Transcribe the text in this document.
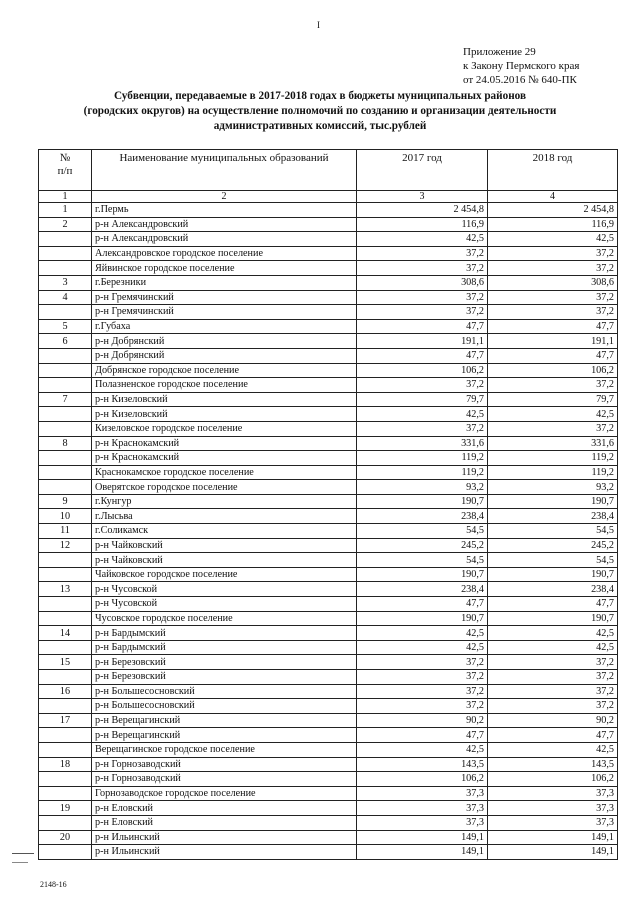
I
Приложение 29
к Закону Пермского края
от 24.05.2016 № 640-ПК
Субвенции, передаваемые в 2017-2018 годах в бюджеты муниципальных районов
(городских округов) на осуществление полномочий по созданию и организации деятельности
административных комиссий, тыс.рублей
№
п/п	Наименование муниципальных образований	2017 год	2018 год
1	2	3	4
1	г.Пермь	2 454,8	2 454,8
2	р-н Александровский	116,9	116,9
	р-н Александровский	42,5	42,5
	Александровское городское поселение	37,2	37,2
	Яйвинское городское поселение	37,2	37,2
3	г.Березники	308,6	308,6
4	р-н Гремячинский	37,2	37,2
	р-н Гремячинский	37,2	37,2
5	г.Губаха	47,7	47,7
6	р-н Добрянский	191,1	191,1
	р-н Добрянский	47,7	47,7
	Добрянское городское поселение	106,2	106,2
	Полазненское городское поселение	37,2	37,2
7	р-н Кизеловский	79,7	79,7
	р-н Кизеловский	42,5	42,5
	Кизеловское городское поселение	37,2	37,2
8	р-н Краснокамский	331,6	331,6
	р-н Краснокамский	119,2	119,2
	Краснокамское городское поселение	119,2	119,2
	Оверятское городское поселение	93,2	93,2
9	г.Кунгур	190,7	190,7
10	г.Лысьва	238,4	238,4
11	г.Соликамск	54,5	54,5
12	р-н Чайковский	245,2	245,2
	р-н Чайковский	54,5	54,5
	Чайковское городское поселение	190,7	190,7
13	р-н Чусовской	238,4	238,4
	р-н Чусовской	47,7	47,7
	Чусовское городское поселение	190,7	190,7
14	р-н Бардымский	42,5	42,5
	р-н Бардымский	42,5	42,5
15	р-н Березовский	37,2	37,2
	р-н Березовский	37,2	37,2
16	р-н Большесосновский	37,2	37,2
	р-н Большесосновский	37,2	37,2
17	р-н Верещагинский	90,2	90,2
	р-н Верещагинский	47,7	47,7
	Верещагинское городское поселение	42,5	42,5
18	р-н Горнозаводский	143,5	143,5
	р-н Горнозаводский	106,2	106,2
	Горнозаводское городское поселение	37,3	37,3
19	р-н Еловский	37,3	37,3
	р-н Еловский	37,3	37,3
20	р-н Ильинский	149,1	149,1
	р-н Ильинский	149,1	149,1
2148-16
